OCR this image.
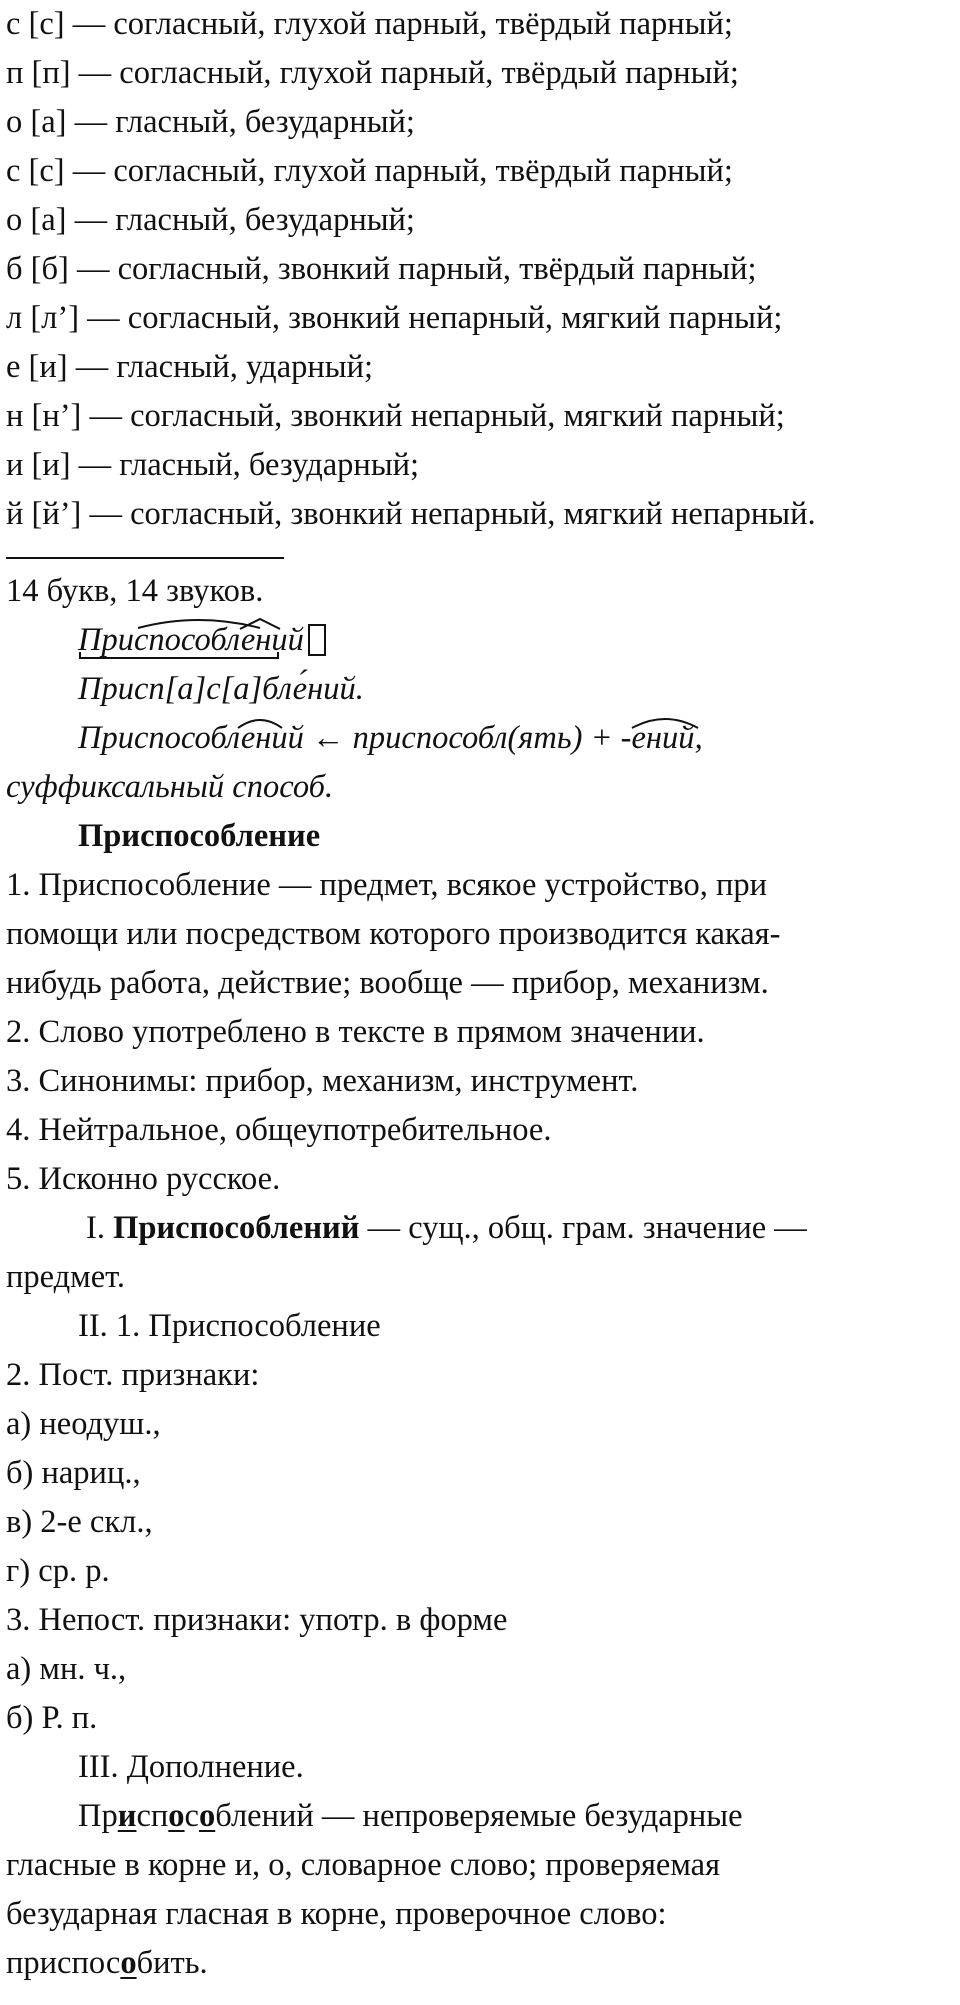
с [с] — согласный, глухой парный, твёрдый парный;
п [п] — согласный, глухой парный, твёрдый парный;
о [а] — гласный, безударный;
с [с] — согласный, глухой парный, твёрдый парный;
о [а] — гласный, безударный;
б [б] — согласный, звонкий парный, твёрдый парный;
л [л’] — согласный, звонкий непарный, мягкий парный;
е [и] — гласный, ударный;
н [н’] — согласный, звонкий непарный, мягкий парный;
и [и] — гласный, безударный;
й [й’] — согласный, звонкий непарный, мягкий непарный.
14 букв, 14 звуков.
Приспособлений
Присп[а]с[а]бле́ний.
Приспособлений
← приспособл(ять) + -ений
,
суффиксальный способ.
Приспособление
1. Приспособление — предмет, всякое устройство, при
помощи или посредством которого производится какая-
нибудь работа, действие; вообще — прибор, механизм.
2. Слово употреблено в тексте в прямом значении.
3. Синонимы: прибор, механизм, инструмент.
4. Нейтральное, общеупотребительное.
5. Исконно русское.
I. Приспособлений — сущ., общ. грам. значение —
предмет.
II. 1. Приспособление
2. Пост. признаки:
а) неодуш.,
б) нариц.,
в) 2-е скл.,
г) ср. р.
3. Непост. признаки: употр. в форме
а) мн. ч.,
б) Р. п.
III. Дополнение.
Приспособлений — непроверяемые безударные
гласные в корне и, о, словарное слово; проверяемая
безударная гласная в корне, проверочное слово:
приспособить.
